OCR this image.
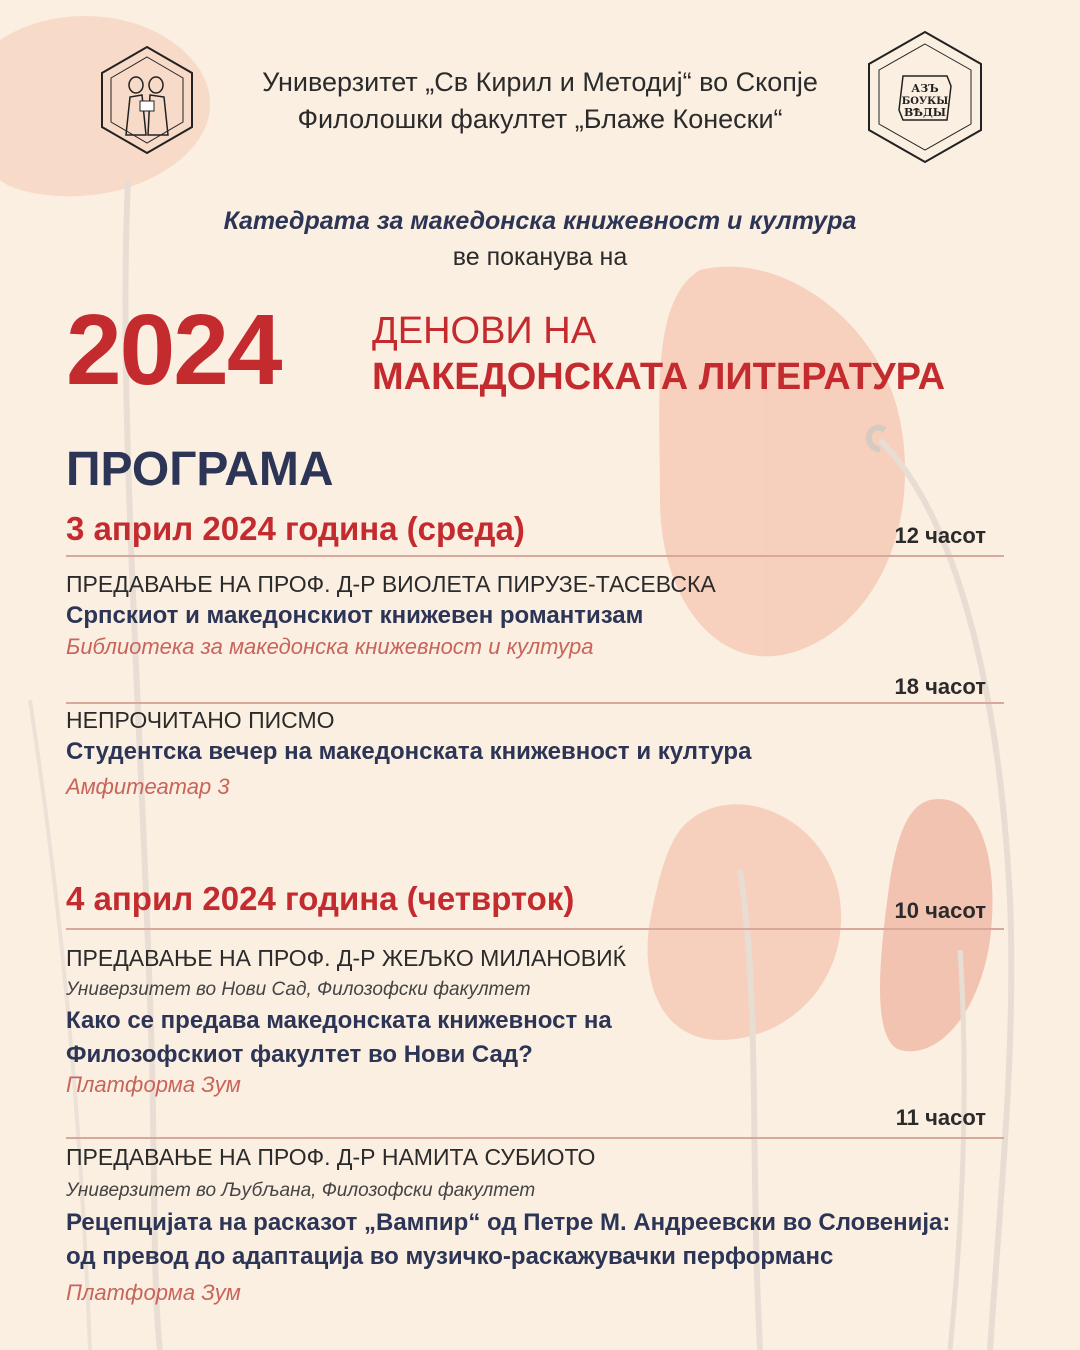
АЗЪ
БОУКЫ
ВѢДЫ
Универзитет „Св Кирил и Методиј“ во Скопје
Филолошки факултет „Блаже Конески“
Катедрата за македонска книжевност и култура
ве поканува на
2024 ДЕНОВИ НА
МАКЕДОНСКАТА ЛИТЕРАТУРА
ПРОГРАМА
3 април 2024 година (среда)	12 часот
ПРЕДАВАЊЕ НА ПРОФ. Д-Р ВИОЛЕТА ПИРУЗЕ-ТАСЕВСКА
Српскиот и македонскиот книжевен романтизам
Библиотека за македонска книжевност и култура
18 часот
НЕПРОЧИТАНО ПИСМО
Студентска вечер на македонската книжевност и култура
Амфитеатар 3
4 април 2024 година (четврток)	10 часот
ПРЕДАВАЊЕ НА ПРОФ. Д-Р ЖЕЉКО МИЛАНОВИЌ
Универзитет во Нови Сад, Филозофски факултет
Како се предава македонската книжевност на
Филозофскиот факултет во Нови Сад?
Платформа Зум
11 часот
ПРЕДАВАЊЕ НА ПРОФ. Д-Р НАМИТА СУБИОТО
Универзитет во Љубљана, Филозофски факултет
Рецепцијата на расказот „Вампир“ од Петре М. Андреевски во Словенија:
од превод до адаптација во музичко-раскажувачки перформанс
Платформа Зум
